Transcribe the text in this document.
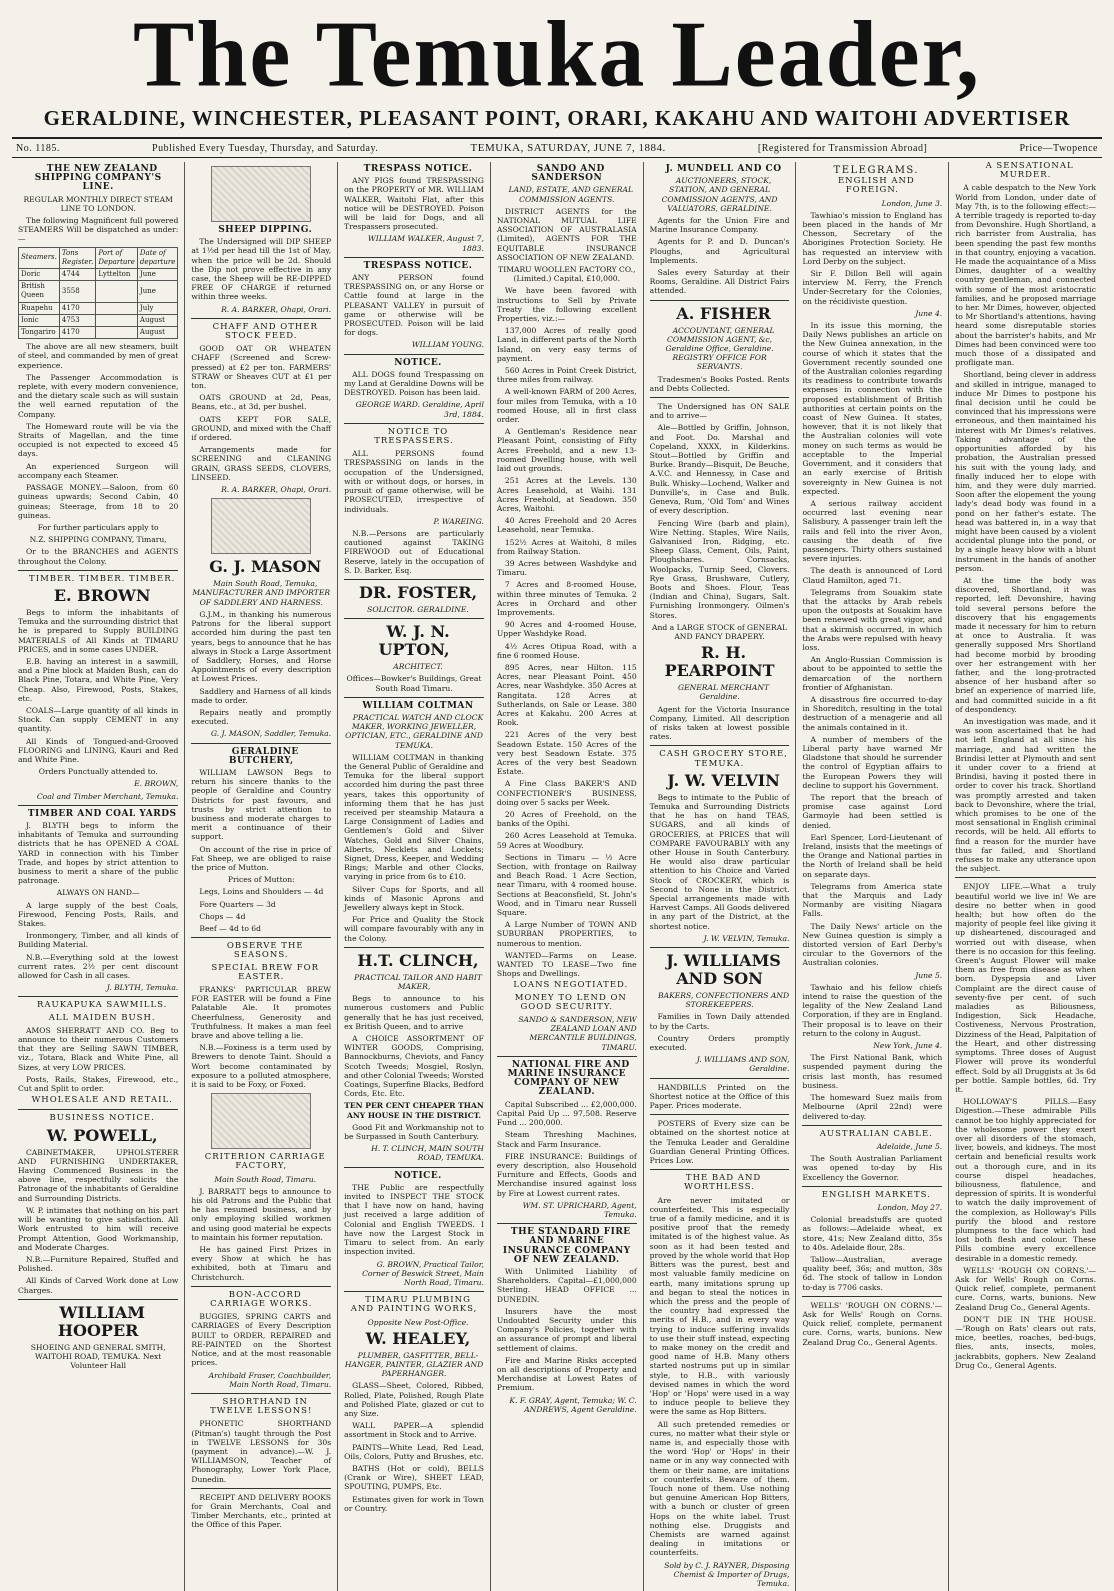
The Temuka Leader,
GERALDINE, WINCHESTER, PLEASANT POINT, ORARI, KAKAHU AND WAITOHI ADVERTISER
No. 1185.	Published Every Tuesday, Thursday, and Saturday.	TEMUKA, SATURDAY, JUNE 7, 1884.	[Registered for Transmission Abroad]	Price—Twopence

THE NEW ZEALAND SHIPPING COMPANY'S LINE.

REGULAR MONTHLY DIRECT STEAM LINE TO LONDON.

The following Magnificent full powered STEAMERS Will be dispatched as under:—

Steamers.	Tons Register.	Port of Departure	Date of departure
Doric	4744	Lyttelton	June
British Queen	3558		June
Ruapehu	4170		July
Ionic	4753		August
Tongariro	4170		August

The above are all new steamers, built of steel, and commanded by men of great experience.

The Passenger Accommodation is replete, with every modern convenience, and the dietary scale such as will sustain the well earned reputation of the Company.

The Homeward route will be via the Straits of Magellan, and the time occupied is not expected to exceed 45 days.

An experienced Surgeon will accompany each Steamer.

PASSAGE MONEY.—Saloon, from 60 guineas upwards; Second Cabin, 40 guineas; Steerage, from 18 to 20 guineas.

For further particulars apply to

N.Z. SHIPPING COMPANY, Timaru,

Or to the BRANCHES and AGENTS throughout the Colony.

TIMBER. TIMBER. TIMBER.

E. BROWN

Begs to inform the inhabitants of Temuka and the surrounding district that he is prepared to Supply BUILDING MATERIALS of All Kinds at TIMARU PRICES, and in some cases UNDER.

E.B. having an interest in a sawmill, and a Pine block at Maiden Bush, can do Black Pine, Totara, and White Pine, Very Cheap. Also, Firewood, Posts, Stakes, etc.

COALS—Large quantity of all kinds in Stock. Can supply CEMENT in any quantity.

All Kinds of Tongued-and-Grooved FLOORING and LINING, Kauri and Red and White Pine.

Orders Punctually attended to.

E. BROWN,

Coal and Timber Merchant, Temuka.

TIMBER AND COAL YARDS

J. BLYTH begs to inform the inhabitants of Temuka and surrounding districts that he has OPENED A COAL YARD in connection with his Timber Trade, and hopes by strict attention to business to merit a share of the public patronage.

ALWAYS ON HAND—

A large supply of the best Coals, Firewood, Fencing Posts, Rails, and Stakes.

Ironmongery, Timber, and all kinds of Building Material.

N.B.—Everything sold at the lowest current rates. 2½ per cent discount allowed for Cash in all cases.

J. BLYTH, Temuka.

RAUKAPUKA SAWMILLS.

ALL MAIDEN BUSH.

AMOS SHERRATT AND CO. Beg to announce to their numerous Customers that they are Selling SAWN TIMBER, viz., Totara, Black and White Pine, all Sizes, at very LOW PRICES.

Posts, Rails, Stakes, Firewood, etc., Cut and Split to order.

WHOLESALE AND RETAIL.

BUSINESS NOTICE.

W. POWELL,

CABINETMAKER, UPHOLSTERER AND FURNISHING UNDERTAKER, Having Commenced Business in the above line, respectfully solicits the Patronage of the inhabitants of Geraldine and Surrounding Districts.

W. P. intimates that nothing on his part will be wanting to give satisfaction. All Work entrusted to him will receive Prompt Attention, Good Workmanship, and Moderate Charges.

N.B.—Furniture Repaired, Stuffed and Polished.

All Kinds of Carved Work done at Low Charges.

WILLIAM HOOPER

SHOEING AND GENERAL SMITH, WAITOHI ROAD, TEMUKA. Next Volunteer Hall

SHEEP DIPPING.

The Undersigned will DIP SHEEP at 1½d per head till the 1st of May, when the price will be 2d. Should the Dip not prove effective in any case, the Sheep will be RE-DIPPED FREE OF CHARGE if returned within three weeks.

R. A. BARKER, Ohapi, Orari.

CHAFF AND OTHER STOCK FEED.

GOOD OAT OR WHEATEN CHAFF (Screened and Screw-pressed) at £2 per ton. FARMERS' STRAW or Sheaves CUT at £1 per ton.

OATS GROUND at 2d, Peas, Beans, etc., at 3d, per bushel.

OATS KEPT FOR SALE, GROUND, and mixed with the Chaff if ordered.

Arrangements made for SCREENING and CLEANING GRAIN, GRASS SEEDS, CLOVERS, LINSEED.

R. A. BARKER, Ohapi, Orari.

G. J. MASON

Main South Road, Temuka, MANUFACTURER AND IMPORTER OF SADDLERY AND HARNESS.

G.J.M., in thanking his numerous Patrons for the liberal support accorded him during the past ten years, begs to announce that he has always in Stock a Large Assortment of Saddlery, Horses, and Horse Appointments of every description at Lowest Prices.

Saddlery and Harness of all kinds made to order.

Repairs neatly and promptly executed.

G. J. MASON, Saddler, Temuka.

GERALDINE BUTCHERY,

WILLIAM LAWSON Begs to return his sincere thanks to the people of Geraldine and Country Districts for past favours, and trusts by strict attention to business and moderate charges to merit a continuance of their support.

On account of the rise in price of Fat Sheep, we are obliged to raise the price of Mutton.

Prices of Mutton:

Legs, Loins and Shoulders — 4d

Fore Quarters — 3d

Chops — 4d

Beef — 4d to 6d

OBSERVE THE SEASONS.

SPECIAL BREW FOR EASTER.

FRANKS' PARTICULAR BREW FOR EASTER will be found a Fine Palatable Ale. It promotes Cheerfulness, Generosity and Truthfulness. It makes a man feel brave and above telling a lie.

N.B.—Foxiness is a term used by Brewers to denote Taint. Should a Wort become contaminated by exposure to a polluted atmosphere, it is said to be Foxy, or Foxed.

CRITERION CARRIAGE FACTORY,

Main South Road, Timaru.

J. BARRATT begs to announce to his old Patrons and the Public that he has resumed business, and by only employing skilled workmen and using good material he expects to maintain his former reputation.

He has gained First Prizes in every Show at which he has exhibited, both at Timaru and Christchurch.

BON-ACCORD CARRIAGE WORKS.

BUGGIES, SPRING CARTS and CARRIAGES of Every Description BUILT to ORDER, REPAIRED and RE-PAINTED on the Shortest Notice, and at the most reasonable prices.

Archibald Fraser, Coachbuilder, Main North Road, Timaru.

SHORTHAND IN TWELVE LESSONS!

PHONETIC SHORTHAND (Pitman's) taught through the Post in TWELVE LESSONS for 30s (payment in advance).—W. J. WILLIAMSON, Teacher of Phonography, Lower York Place, Dunedin.

RECEIPT AND DELIVERY BOOKS for Grain Merchants, Coal and Timber Merchants, etc., printed at the Office of this Paper.

TRESPASS NOTICE.

ANY PIGS found TRESPASSING on the PROPERTY of MR. WILLIAM WALKER, Waitohi Flat, after this notice will be DESTROYED. Poison will be laid for Dogs, and all Trespassers prosecuted.

WILLIAM WALKER, August 7, 1883.

TRESPASS NOTICE.

ANY PERSON found TRESPASSING on, or any Horse or Cattle found at large in the PLEASANT VALLEY in pursuit of game or otherwise will be PROSECUTED. Poison will be laid for dogs.

WILLIAM YOUNG.

NOTICE.

ALL DOGS found Trespassing on my Land at Geraldine Downs will be DESTROYED. Poison has been laid.

GEORGE WARD. Geraldine, April 3rd, 1884.

NOTICE TO TRESPASSERS.

ALL PERSONS found TRESPASSING on lands in the occupation of the Undersigned, with or without dogs, or horses, in pursuit of game otherwise, will be PROSECUTED, irrespective of individuals.

P. WAREING.

N.B.—Persons are particularly cautioned against TAKING FIREWOOD out of Educational Reserve, lately in the occupation of S. D. Barker, Esq.

DR. FOSTER,

SOLICITOR. GERALDINE.

W. J. N. UPTON,

ARCHITECT.

Offices—Bowker's Buildings, Great South Road Timaru.

WILLIAM COLTMAN

PRACTICAL WATCH AND CLOCK MAKER, WORKING JEWELLER, OPTICIAN, ETC., GERALDINE AND TEMUKA.

WILLIAM COLTMAN in thanking the General Public of Geraldine and Temuka for the liberal support accorded him during the past three years, takes this opportunity of informing them that he has just received per steamship Mataura a Large Consignment of Ladies and Gentlemen's Gold and Silver Watches, Gold and Silver Chains, Alberts, Necklets and Lockets; Signet, Dress, Keeper, and Wedding Rings; Marble and other Clocks, varying in price from 6s to £10.

Silver Cups for Sports, and all kinds of Masonic Aprons and Jewellery always kept in Stock.

For Price and Quality the Stock will compare favourably with any in the Colony.

H.T. CLINCH,

PRACTICAL TAILOR AND HABIT MAKER,

Begs to announce to his numerous customers and Public generally that he has just received, ex British Queen, and to arrive

A CHOICE ASSORTMENT OF WINTER GOODS, Comprising, Bannockburns, Cheviots, and Fancy Scotch Tweeds; Mosgiel, Roslyn, and other Colonial Tweeds; Worsted Coatings, Superfine Blacks, Bedford Cords, Etc. Etc.

TEN PER CENT CHEAPER THAN ANY HOUSE IN THE DISTRICT.

Good Fit and Workmanship not to be Surpassed in South Canterbury.

H. T. CLINCH, MAIN SOUTH ROAD, TEMUKA.

NOTICE.

THE Public are respectfully invited to INSPECT THE STOCK that I have now on hand, having just received a large addition of Colonial and English TWEEDS. I have now the Largest Stock in Timaru to select from. An early inspection invited.

G. BROWN, Practical Tailor, Corner of Beswick Street, Main North Road, Timaru.

TIMARU PLUMBING AND PAINTING WORKS,

Opposite New Post-Office.

W. HEALEY,

PLUMBER, GASFITTER, BELL-HANGER, PAINTER, GLAZIER AND PAPERHANGER.

GLASS—Sheet, Colored, Ribbed, Rolled, Plate, Polished, Rough Plate and Polished Plate, glazed or cut to any Size.

WALL PAPER—A splendid assortment in Stock and to Arrive.

PAINTS—White Lead, Red Lead, Oils, Colors, Putty and Brushes, etc.

BATHS (Hot or cold), BELLS (Crank or Wire), SHEET LEAD, SPOUTING, PUMPS, Etc.

Estimates given for work in Town or Country.

SANDO AND SANDERSON

LAND, ESTATE, AND GENERAL COMMISSION AGENTS.

DISTRICT AGENTS for the NATIONAL MUTUAL LIFE ASSOCIATION OF AUSTRALASIA (Limited), AGENTS FOR THE EQUITABLE INSURANCE ASSOCIATION OF NEW ZEALAND.

TIMARU WOOLLEN FACTORY CO., (Limited.) Capital, £10,000.

We have been favored with instructions to Sell by Private Treaty the following excellent Properties, viz.:—

137,000 Acres of really good Land, in different parts of the North Island, on very easy terms of payment.

560 Acres in Point Creek District, three miles from railway.

A well-known FARM of 200 Acres, four miles from Temuka, with a 10 roomed House, all in first class order.

A Gentleman's Residence near Pleasant Point, consisting of Fifty Acres Freehold, and a new 13-roomed Dwelling house, with well laid out grounds.

251 Acres at the Levels. 130 Acres Leasehold, at Waihi. 131 Acres Freehold, at Seadown. 350 Acres, Waitohi.

40 Acres Freehold and 20 Acres Leasehold, near Temuka.

152½ Acres at Waitohi, 8 miles from Railway Station.

39 Acres between Washdyke and Timaru.

7 Acres and 8-roomed House, within three minutes of Temuka. 2 Acres in Orchard and other Improvements.

90 Acres and 4-roomed House, Upper Washdyke Road.

4½ Acres Otipua Road, with a fine 6 roomed House.

895 Acres, near Hilton. 115 Acres, near Pleasant Point. 450 Acres, near Washdyke. 350 Acres at Rangitata. 128 Acres at Sutherlands, on Sale or Lease. 380 Acres at Kakahu. 200 Acres at Rook.

221 Acres of the very best Seadown Estate. 150 Acres of the very best Seadown Estate. 375 Acres of the very best Seadown Estate.

A Fine Class BAKER'S AND CONFECTIONER'S BUSINESS, doing over 5 sacks per Week.

20 Acres of Freehold, on the banks of the Opihi.

260 Acres Leasehold at Temuka. 59 Acres at Woodbury.

Sections in Timaru — ½ Acre Section, with frontage on Railway and Beach Road. 1 Acre Section, near Timaru, with 4 roomed house. Sections at Beaconsfield, St. John's Wood, and in Timaru near Russell Square.

A Large Number of TOWN AND SUBURBAN PROPERTIES, to numerous to mention.

WANTED—Farms on Lease. WANTED TO LEASE—Two fine Shops and Dwellings.

LOANS NEGOTIATED.

MONEY TO LEND ON GOOD SECURITY.

SANDO & SANDERSON, NEW ZEALAND LOAN AND MERCANTILE BUILDINGS, TIMARU.

NATIONAL FIRE AND MARINE INSURANCE COMPANY OF NEW ZEALAND.

Capital Subscribed ... £2,000,000. Capital Paid Up ... 97,508. Reserve Fund ... 200,000.

Steam Threshing Machines, Stack and Farm Insurance.

FIRE INSURANCE: Buildings of every description, also Household Furniture and Effects, Goods and Merchandise insured against loss by Fire at Lowest current rates.

WM. ST. UPRICHARD, Agent, Temuka.

THE STANDARD FIRE AND MARINE INSURANCE COMPANY OF NEW ZEALAND.

With Unlimited Liability of Shareholders. Capital—£1,000,000 Sterling. HEAD OFFICE ... DUNEDIN.

Insurers have the most Undoubted Security under this Company's Policies, together with an assurance of prompt and liberal settlement of claims.

Fire and Marine Risks accepted on all descriptions of Property and Merchandise at Lowest Rates of Premium.

K. F. GRAY, Agent, Temuka; W. C. ANDREWS, Agent Geraldine.

J. MUNDELL AND CO

AUCTIONEERS, STOCK, STATION, AND GENERAL COMMISSION AGENTS, AND VALUATORS, GERALDINE.

Agents for the Union Fire and Marine Insurance Company.

Agents for P. and D. Duncan's Ploughs, and Agricultural Implements.

Sales every Saturday at their Rooms, Geraldine. All District Fairs attended.

A. FISHER

ACCOUNTANT, GENERAL COMMISSION AGENT, &c, Geraldine Office, Geraldine. REGISTRY OFFICE FOR SERVANTS.

Tradesmen's Books Posted. Rents and Debts Collected.

The Undersigned has ON SALE and to arrive—

Ale—Bottled by Griffin, Johnson, and Foot. Do. Marshal and Copeland, XXXX, in Kilderkins. Stout—Bottled by Griffin and Burke. Brandy—Bisquit, De Beuche, A.V.C. and Hennessy, in Case and Bulk. Whisky—Lochend, Walker and Dunville's, in Case and Bulk. Geneva, Rum, 'Old Tom' and Wines of every description.

Fencing Wire (barb and plain), Wire Netting. Staples, Wire Nails, Galvanised Iron, Ridging, etc. Sheep Glass, Cement, Oils, Paint, Ploughshares. Cornsacks, Woolpacks, Turnip Seed, Clovers. Rye Grass, Brushware, Cutlery, Boots and Shoes. Flour, Teas (Indian and China), Sugars, Salt. Furnishing Ironmongery. Oilmen's Stores.

And a LARGE STOCK of GENERAL AND FANCY DRAPERY.

R. H. PEARPOINT

GENERAL MERCHANT Geraldine.

Agent for the Victoria Insurance Company, Limited. All description of risks taken at lowest possible rates.

CASH GROCERY STORE, TEMUKA.

J. W. VELVIN

Begs to intimate to the Public of Temuka and Surrounding Districts that he has on hand TEAS, SUGARS, and all kinds of GROCERIES, at PRICES that will COMPARE FAVOURABLY with any other House in South Canterbury. He would also draw particular attention to his Choice and Varied Stock of CROCKERY, which is Second to None in the District. Special arrangements made with Harvest Camps. All Goods delivered in any part of the District, at the shortest notice.

J. W. VELVIN, Temuka.

J. WILLIAMS AND SON

BAKERS, CONFECTIONERS AND STOREKEEPERS.

Families in Town Daily attended to by the Carts.

Country Orders promptly executed.

J. WILLIAMS AND SON, Geraldine.

HANDBILLS Printed on the Shortest notice at the Office of this Paper. Prices moderate.

POSTERS of Every size can be obtained on the shortest notice at the Temuka Leader and Geraldine Guardian General Printing Offices. Prices Low.

THE BAD AND WORTHLESS.

Are never imitated or counterfeited. This is especially true of a family medicine, and it is positive proof that the remedy imitated is of the highest value. As soon as it had been tested and proved by the whole world that Hop Bitters was the purest, best and most valuable family medicine on earth, many imitations sprung up and began to steal the notices in which the press and the people of the country had expressed the merits of H.B., and in every way trying to induce suffering invalids to use their stuff instead, expecting to make money on the credit and good name of H.B. Many others started nostrums put up in similar style, to H.B., with variously devised names in which the word 'Hop' or 'Hops' were used in a way to induce people to believe they were the same as Hop Bitters.

All such pretended remedies or cures, no matter what their style or name is, and especially those with the word 'Hop' or 'Hops' in their name or in any way connected with them or their name, are imitations or counterfeits. Beware of them. Touch none of them. Use nothing but genuine American Hop Bitters, with a bunch or cluster of green Hops on the white label. Trust nothing else. Druggists and Chemists are warned against dealing in imitations or counterfeits.

Sold by C. J. RAYNER, Disposing Chemist & Importer of Drugs, Temuka.

TELEGRAMS.

ENGLISH AND FOREIGN.

London, June 3.

Tawhiao's mission to England has been placed in the hands of Mr Chesson, Secretary of the Aborigines Protection Society. He has requested an interview with Lord Derby on the subject.

Sir F. Dillon Bell will again interview M. Ferry, the French Under-Secretary for the Colonies, on the récidiviste question.

June 4.

In its issue this morning, the Daily News publishes an article on the New Guinea annexation, in the course of which it states that the Government recently sounded one of the Australian colonies regarding its readiness to contribute towards expenses in connection with the proposed establishment of British authorities at certain points on the coast of New Guinea. It states, however, that it is not likely that the Australian colonies will vote money on such terms as would be acceptable to the Imperial Government, and it considers that an early exercise of British sovereignty in New Guinea is not expected.

A serious railway accident occurred last evening near Salisbury, A passenger train left the rails and fell into the river Avon, causing the death of five passengers. Thirty others sustained severe injuries.

The death is announced of Lord Claud Hamilton, aged 71.

Telegrams from Souakim state that the attacks by Arab rebels upon the outposts at Souakim have been renewed with great vigor, and that a skirmish occurred, in which the Arabs were repulsed with heavy loss.

An Anglo-Russian Commission is about to be appointed to settle the demarcation of the northern frontier of Afghanistan.

A disastrous fire occurred to-day in Shoreditch, resulting in the total destruction of a menagerie and all the animals contained in it.

A number of members of the Liberal party have warned Mr Gladstone that should he surrender the control of Egyptian affairs to the European Powers they will decline to support his Government.

The report that the breach of promise case against Lord Garmoyle had been settled is denied.

Earl Spencer, Lord-Lieutenant of Ireland, insists that the meetings of the Orange and National parties in the North of Ireland shall be held on separate days.

Telegrams from America state that the Marquis and Lady Normanby are visiting Niagara Falls.

The Daily News' article on the New Guinea question is simply a distorted version of Earl Derby's circular to the Governors of the Australian colonies.

June 5.

Tawhaio and his fellow chiefs intend to raise the question of the legality of the New Zealand Land Corporation, if they are in England. Their proposal is to leave on their return to the colony in August.

New York, June 4.

The First National Bank, which suspended payment during the crisis last month, has resumed business.

The homeward Suez mails from Melbourne (April 22nd) were delivered to-day.

AUSTRALIAN CABLE.

Adelaide, June 5.

The South Australian Parliament was opened to-day by His Excellency the Governor.

ENGLISH MARKETS.

London, May 27.

Colonial breadstuffs are quoted as follows:—Adelaide wheat, ex store, 41s; New Zealand ditto, 35s to 40s. Adelaide flour, 28s.

Tallow—Australian, average quality beef, 36s; and mutton, 38s 6d. The stock of tallow in London to-day is 7706 casks.

WELLS' 'ROUGH ON CORNS.'—Ask for Wells' Rough on Corns. Quick relief, complete, permanent cure. Corns, warts, bunions. New Zealand Drug Co., General Agents.

A SENSATIONAL MURDER.

A cable despatch to the New York World from London, under date of May 7th, is to the following effect:—A terrible tragedy is reported to-day from Devonshire. Hugh Shortland, a rich barrister from Australia, has been spending the past few months in that country, enjoying a vacation. He made the acquaintance of a Miss Dimes, daughter of a wealthy country gentleman, and connected with some of the most aristocratic families, and he proposed marriage to her. Mr Dimes, however, objected to Mr Shortland's attentions, having heard some disreputable stories about the barrister's habits, and Mr Dimes had been convinced were too much those of a dissipated and profligate man.

Shortland, being clever in address and skilled in intrigue, managed to induce Mr Dimes to postpone his final decision until he could be convinced that his impressions were erroneous, and then maintained his interest with Mr Dimes's relatives. Taking advantage of the opportunities afforded by his probation, the Australian pressed his suit with the young lady, and finally induced her to elope with him, and they were duly married. Soon after the elopement the young lady's dead body was found in a pond on her father's estate. The head was battered in, in a way that might have been caused by a violent accidental plunge into the pond, or by a single heavy blow with a blunt instrument in the hands of another person.

At the time the body was discovered, Shortland, it was reported, left Devonshire, having told several persons before the discovery that his engagements made it necessary for him to return at once to Australia. It was generally supposed Mrs Shortland had become morbid by brooding over her estrangement with her father, and the long-protracted absence of her husband after so brief an experience of married life, and had committed suicide in a fit of despondency.

An investigation was made, and it was soon ascertained that he had not left England at all since his marriage, and had written the Brindisi letter at Plymouth and sent it under cover to a friend at Brindisi, having it posted there in order to cover his track. Shortland was promptly arrested and taken back to Devonshire, where the trial, which promises to be one of the most sensational in English criminal records, will be held. All efforts to find a reason for the murder have thus far failed, and Shortland refuses to make any utterance upon the subject.

ENJOY LIFE.—What a truly beautiful world we live in! We are desire no better when in good health; but how often do the majority of people feel like giving it up disheartened, discouraged and worried out with disease, when there is no occasion for this feeling. Green's August Flower will make them as free from disease as when born. Dyspepsia and Liver Complaint are the direct cause of seventy-five per cent. of such maladies as Biliousness, Indigestion, Sick Headache, Costiveness, Nervous Prostration, Dizziness of the Head, Palpitation of the Heart, and other distressing symptoms. Three doses of August Flower will prove its wonderful effect. Sold by all Druggists at 3s 6d per bottle. Sample bottles, 6d. Try it.

HOLLOWAY'S PILLS.—Easy Digestion.—These admirable Pills cannot be too highly appreciated for the wholesome power they exert over all disorders of the stomach, liver, bowels, and kidneys. The most certain and beneficial results work out a thorough cure, and in its course dispel headaches, biliousness, flatulence, and depression of spirits. It is wonderful to watch the daily improvement of the complexion, as Holloway's Pills purify the blood and restore plumpness to the face which had lost both flesh and colour. These Pills combine every excellence desirable in a domestic remedy.

WELLS' 'ROUGH ON CORNS.'—Ask for Wells' Rough on Corns. Quick relief, complete, permanent cure. Corns, warts, bunions. New Zealand Drug Co., General Agents.

DON'T DIE IN THE HOUSE.—'Rough on Rats' clears out rats, mice, beetles, roaches, bed-bugs, flies, ants, insects, moles, jackrabbits, gophers. New Zealand Drug Co., General Agents.
